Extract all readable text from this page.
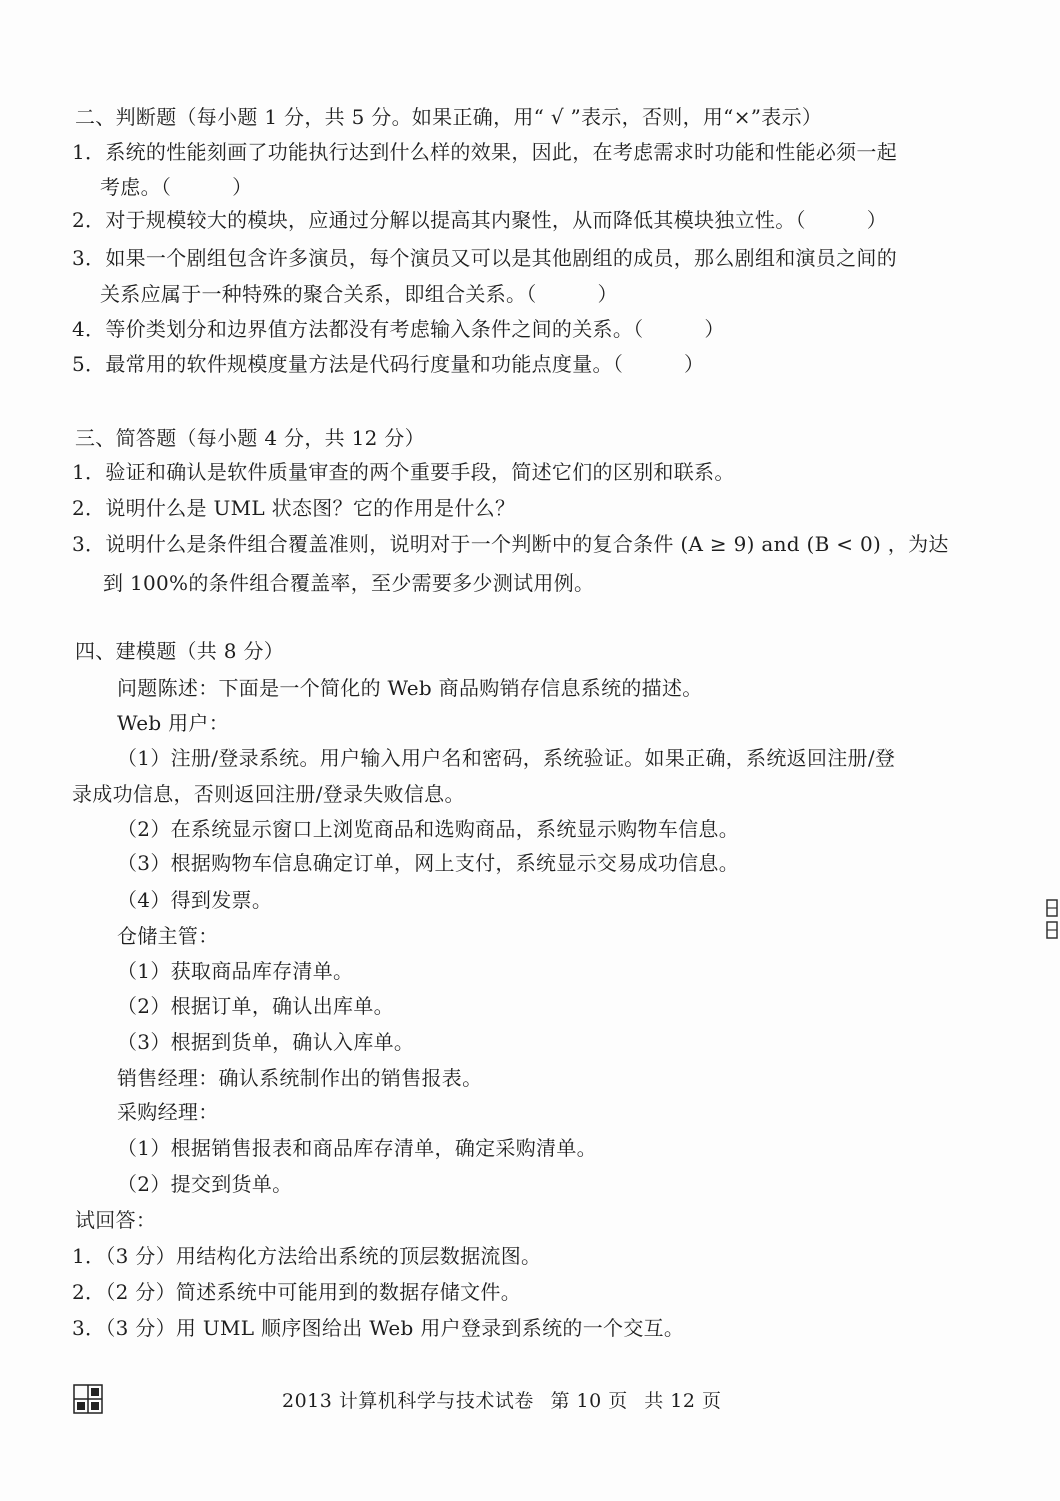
二、判断题（每小题 1 分，共 5 分。如果正确，用“ √ ”表示，否则，用“×”表示）
1．系统的性能刻画了功能执行达到什么样的效果，因此，在考虑需求时功能和性能必须一起
考虑。（　　　）
2．对于规模较大的模块，应通过分解以提高其内聚性，从而降低其模块独立性。（　　　）
3．如果一个剧组包含许多演员，每个演员又可以是其他剧组的成员，那么剧组和演员之间的
关系应属于一种特殊的聚合关系，即组合关系。（　　　）
4．等价类划分和边界值方法都没有考虑输入条件之间的关系。（　　　）
5．最常用的软件规模度量方法是代码行度量和功能点度量。（　　　）
三、简答题（每小题 4 分，共 12 分）
1．验证和确认是软件质量审查的两个重要手段，简述它们的区别和联系。
2．说明什么是 UML 状态图？它的作用是什么？
3．说明什么是条件组合覆盖准则，说明对于一个判断中的复合条件 (A ≥ 9) and (B < 0) ，为达
到 100%的条件组合覆盖率，至少需要多少测试用例。
四、建模题（共 8 分）
问题陈述：下面是一个简化的 Web 商品购销存信息系统的描述。
Web 用户：
（1）注册/登录系统。用户输入用户名和密码，系统验证。如果正确，系统返回注册/登
录成功信息，否则返回注册/登录失败信息。
（2）在系统显示窗口上浏览商品和选购商品，系统显示购物车信息。
（3）根据购物车信息确定订单，网上支付，系统显示交易成功信息。
（4）得到发票。
仓储主管：
（1）获取商品库存清单。
（2）根据订单，确认出库单。
（3）根据到货单，确认入库单。
销售经理：确认系统制作出的销售报表。
采购经理：
（1）根据销售报表和商品库存清单，确定采购清单。
（2）提交到货单。
试回答：
1．（3 分）用结构化方法给出系统的顶层数据流图。
2．（2 分）简述系统中可能用到的数据存储文件。
3．（3 分）用 UML 顺序图给出 Web 用户登录到系统的一个交互。
2013 计算机科学与技术试卷 第 10 页 共 12 页
